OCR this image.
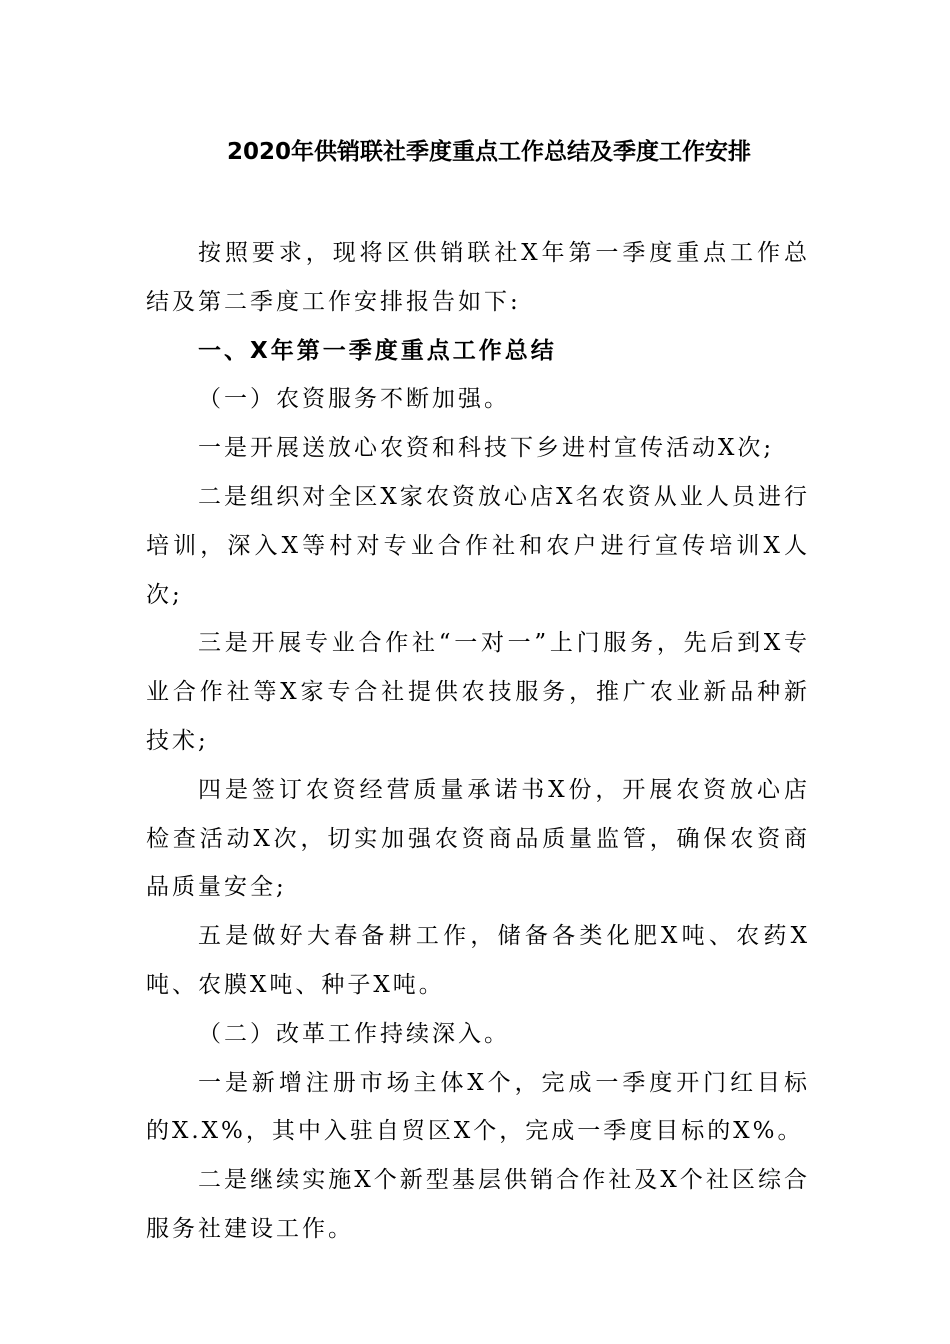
2020年供销联社季度重点工作总结及季度工作安排

按照要求，现将区供销联社X年第一季度重点工作总结及第二季度工作安排报告如下:

一、X年第一季度重点工作总结

（一）农资服务不断加强。

一是开展送放心农资和科技下乡进村宣传活动X次;

二是组织对全区X家农资放心店X名农资从业人员进行培训，深入X等村对专业合作社和农户进行宣传培训X人次;

三是开展专业合作社“一对一”上门服务，先后到X专业合作社等X家专合社提供农技服务，推广农业新品种新技术;

四是签订农资经营质量承诺书X份，开展农资放心店检查活动X次，切实加强农资商品质量监管，确保农资商品质量安全;

五是做好大春备耕工作，储备各类化肥X吨、农药X吨、农膜X吨、种子X吨。

（二）改革工作持续深入。

一是新增注册市场主体X个，完成一季度开门红目标的X.X%，其中入驻自贸区X个，完成一季度目标的X%。

二是继续实施X个新型基层供销合作社及X个社区综合服务社建设工作。
